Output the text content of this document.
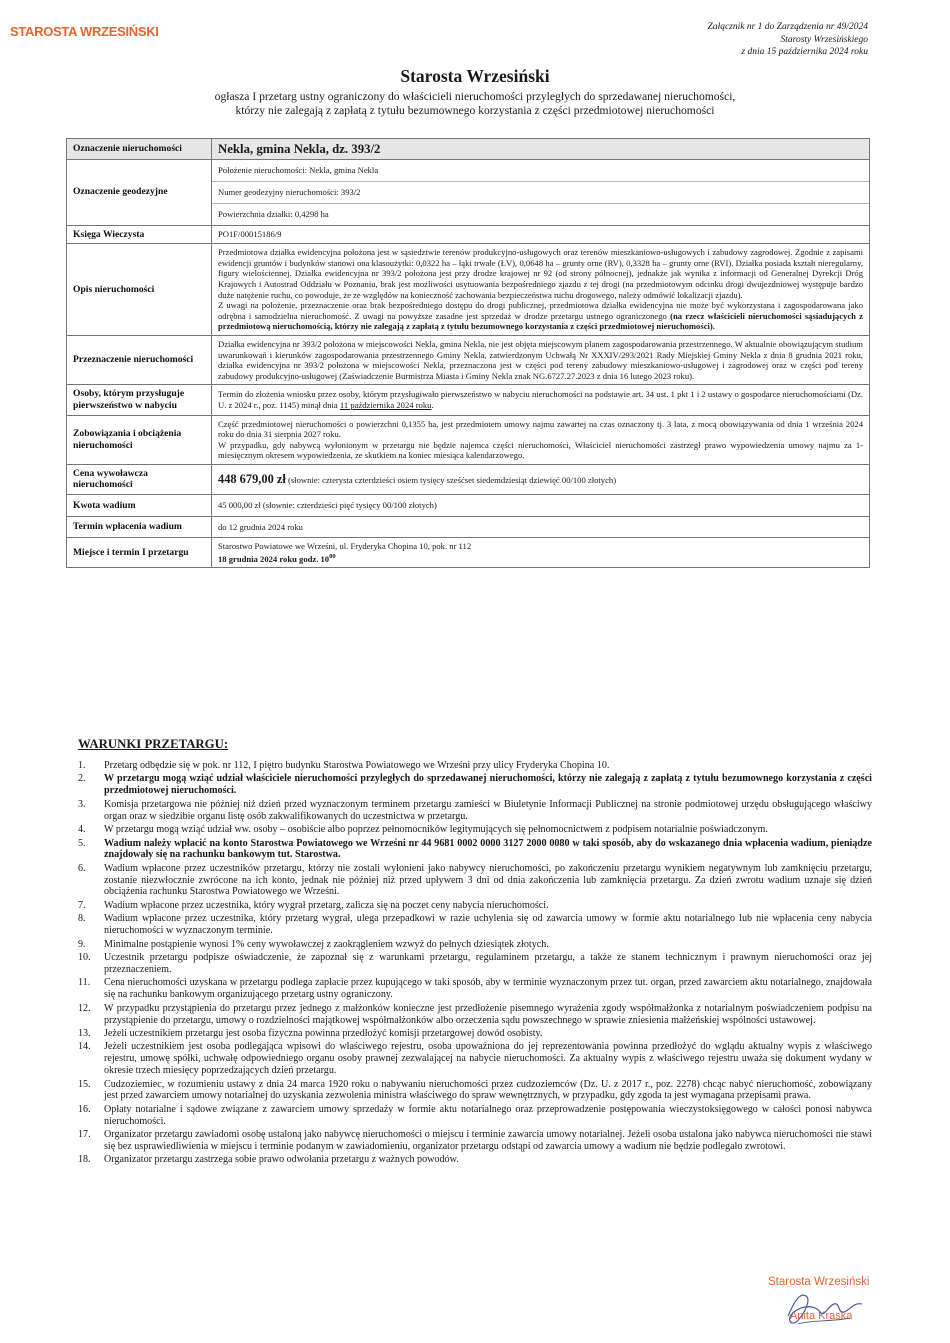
STAROSTA WRZESIŃSKI	Załącznik nr 1 do Zarządzenia nr 49/2024
Starosty Wrzesińskiego
z dnia 15 października 2024 roku
Starosta Wrzesiński
ogłasza I przetarg ustny ograniczony do właścicieli nieruchomości przyległych do sprzedawanej nieruchomości,
którzy nie zalegają z zapłatą z tytułu bezumownego korzystania z części przedmiotowej nieruchomości
Oznaczenie nieruchomości	Nekla, gmina Nekla, dz. 393/2
Oznaczenie geodezyjne	Położenie nieruchomości: Nekla, gmina Nekla
Numer geodezyjny nieruchomości: 393/2
Powierzchnia działki: 0,4298 ha

Księga Wieczysta	PO1F/00015186/9
Opis nieruchomości	Przedmiotowa działka ewidencyjna położona jest w sąsiedztwie terenów produkcyjno-usługowych oraz terenów mieszkaniowo-usługowych i zabudowy zagrodowej. Zgodnie z zapisami ewidencji gruntów i budynków stanowi ona klasoużytki: 0,0322 ha – łąki trwałe (ŁV), 0,0648 ha – grunty orne (RV), 0,3328 ha – grunty orne (RVI). Działka posiada kształt nieregularny, figury wielościennej. Działka ewidencyjna nr 393/2 położona jest przy drodze krajowej nr 92 (od strony północnej), jednakże jak wynika z informacji od Generalnej Dyrekcji Dróg Krajowych i Autostrad Oddziału w Poznaniu, brak jest możliwości usytuowania bezpośredniego zjazdu z tej drogi (na przedmiotowym odcinku drogi dwujezdniowej występuje bardzo duże natężenie ruchu, co powoduje, że ze względów na konieczność zachowania bezpieczeństwa ruchu drogowego, należy odmówić lokalizacji zjazdu).
Z uwagi na położenie, przeznaczenie oraz brak bezpośredniego dostępu do drogi publicznej, przedmiotowa działka ewidencyjna nie może być wykorzystana i zagospodarowana jako odrębna i samodzielna nieruchomość. Z uwagi na powyższe zasadne jest sprzedaż w drodze przetargu ustnego ograniczonego (na rzecz właścicieli nieruchomości sąsiadujących z przedmiotową nieruchomością, którzy nie zalegają z zapłatą z tytułu bezumownego korzystania z części przedmiotowej nieruchomości).

Przeznaczenie nieruchomości	Działka ewidencyjna nr 393/2 położona w miejscowości Nekla, gmina Nekla, nie jest objęta miejscowym planem zagospodarowania przestrzennego. W aktualnie obowiązującym studium uwarunkowań i kierunków zagospodarowania przestrzennego Gminy Nekla, zatwierdzonym Uchwałą Nr XXXIV/293/2021 Rady Miejskiej Gminy Nekla z dnia 8 grudnia 2021 roku, działka ewidencyjna nr 393/2 położona w miejscowości Nekla, przeznaczona jest w części pod tereny zabudowy mieszkaniowo-usługowej i zagrodowej oraz w części pod tereny zabudowy produkcyjno-usługowej (Zaświadczenie Burmistrza Miasta i Gminy Nekla znak NG.6727.27.2023 z dnia 16 lutego 2023 roku).
Osoby, którym przysługuje pierwszeństwo w nabyciu	Termin do złożenia wniosku przez osoby, którym przysługiwało pierwszeństwo w nabyciu nieruchomości na podstawie art. 34 ust. 1 pkt 1 i 2 ustawy o gospodarce nieruchomościami (Dz. U. z 2024 r., poz. 1145) minął dnia 11 października 2024 roku.
Zobowiązania i obciążenia nieruchomości	Część przedmiotowej nieruchomości o powierzchni 0,1355 ha, jest przedmiotem umowy najmu zawartej na czas oznaczony tj. 3 lata, z mocą obowiązywania od dnia 1 września 2024 roku do dnia 31 sierpnia 2027 roku.
W przypadku, gdy nabywcą wyłonionym w przetargu nie będzie najemca części nieruchomości, Właściciel nieruchomości zastrzegł prawo wypowiedzenia umowy najmu za 1-miesięcznym okresem wypowiedzenia, ze skutkiem na koniec miesiąca kalendarzowego.

Cena wywoławcza nieruchomości	448 679,00 zł (słownie: czterysta czterdzieści osiem tysięcy sześćset siedemdziesiąt dziewięć 00/100 złotych)
Kwota wadium	45 000,00 zł (słownie: czterdzieści pięć tysięcy 00/100 złotych)
Termin wpłacenia wadium	do 12 grudnia 2024 roku
Miejsce i termin I przetargu	Starostwo Powiatowe we Wrześni, ul. Fryderyka Chopina 10, pok. nr 112
18 grudnia 2024 roku godz. $10^{00}$
WARUNKI PRZETARGU:
1. Przetarg odbędzie się w pok. nr 112, I piętro budynku Starostwa Powiatowego we Wrześni przy ulicy Fryderyka Chopina 10.
2. W przetargu mogą wziąć udział właściciele nieruchomości przyległych do sprzedawanej nieruchomości, którzy nie zalegają z zapłatą z tytułu bezumownego korzystania z części przedmiotowej nieruchomości.
3. Komisja przetargowa nie później niż dzień przed wyznaczonym terminem przetargu zamieści w Biuletynie Informacji Publicznej na stronie podmiotowej urzędu obsługującego właściwy organ oraz w siedzibie organu listę osób zakwalifikowanych do uczestnictwa w przetargu.
4. W przetargu mogą wziąć udział ww. osoby – osobiście albo poprzez pełnomocników legitymujących się pełnomocnictwem z podpisem notarialnie poświadczonym.
5. Wadium należy wpłacić na konto Starostwa Powiatowego we Wrześni nr 44 9681 0002 0000 3127 2000 0080 w taki sposób, aby do wskazanego dnia wpłacenia wadium, pieniądze znajdowały się na rachunku bankowym tut. Starostwa.
6. Wadium wpłacone przez uczestników przetargu, którzy nie zostali wyłonieni jako nabywcy nieruchomości, po zakończeniu przetargu wynikiem negatywnym lub zamknięciu przetargu, zostanie niezwłocznie zwrócone na ich konto, jednak nie później niż przed upływem 3 dni od dnia zakończenia lub zamknięcia przetargu. Za dzień zwrotu wadium uznaje się dzień obciążenia rachunku Starostwa Powiatowego we Wrześni.
7. Wadium wpłacone przez uczestnika, który wygrał przetarg, zalicza się na poczet ceny nabycia nieruchomości.
8. Wadium wpłacone przez uczestnika, który przetarg wygrał, ulega przepadkowi w razie uchylenia się od zawarcia umowy w formie aktu notarialnego lub nie wpłacenia ceny nabycia nieruchomości w wyznaczonym terminie.
9. Minimalne postąpienie wynosi 1% ceny wywoławczej z zaokrągleniem wzwyż do pełnych dziesiątek złotych.
10. Uczestnik przetargu podpisze oświadczenie, że zapoznał się z warunkami przetargu, regulaminem przetargu, a także ze stanem technicznym i prawnym nieruchomości oraz jej przeznaczeniem.
11. Cena nieruchomości uzyskana w przetargu podlega zapłacie przez kupującego w taki sposób, aby w terminie wyznaczonym przez tut. organ, przed zawarciem aktu notarialnego, znajdowała się na rachunku bankowym organizującego przetarg ustny ograniczony.
12. W przypadku przystąpienia do przetargu przez jednego z małżonków konieczne jest przedłożenie pisemnego wyrażenia zgody współmałżonka z notarialnym poświadczeniem podpisu na przystąpienie do przetargu, umowy o rozdzielności majątkowej współmałżonków albo orzeczenia sądu powszechnego w sprawie zniesienia małżeńskiej wspólności ustawowej.
13. Jeżeli uczestnikiem przetargu jest osoba fizyczna powinna przedłożyć komisji przetargowej dowód osobisty.
14. Jeżeli uczestnikiem jest osoba podlegająca wpisowi do właściwego rejestru, osoba upoważniona do jej reprezentowania powinna przedłożyć do wglądu aktualny wypis z właściwego rejestru, umowę spółki, uchwałę odpowiedniego organu osoby prawnej zezwalającej na nabycie nieruchomości. Za aktualny wypis z właściwego rejestru uważa się dokument wydany w okresie trzech miesięcy poprzedzających dzień przetargu.
15. Cudzoziemiec, w rozumieniu ustawy z dnia 24 marca 1920 roku o nabywaniu nieruchomości przez cudzoziemców (Dz. U. z 2017 r., poz. 2278) chcąc nabyć nieruchomość, zobowiązany jest przed zawarciem umowy notarialnej do uzyskania zezwolenia ministra właściwego do spraw wewnętrznych, w przypadku, gdy zgoda ta jest wymagana przepisami prawa.
16. Opłaty notarialne i sądowe związane z zawarciem umowy sprzedaży w formie aktu notarialnego oraz przeprowadzenie postępowania wieczystoksięgowego w całości ponosi nabywca nieruchomości.
17. Organizator przetargu zawiadomi osobę ustaloną jako nabywcę nieruchomości o miejscu i terminie zawarcia umowy notarialnej. Jeżeli osoba ustalona jako nabywca nieruchomości nie stawi się bez usprawiedliwienia w miejscu i terminie podanym w zawiadomieniu, organizator przetargu odstąpi od zawarcia umowy a wadium nie będzie podlegało zwrotowi.
18. Organizator przetargu zastrzega sobie prawo odwołania przetargu z ważnych powodów.
Starosta Wrzesiński
Anita Kraska
